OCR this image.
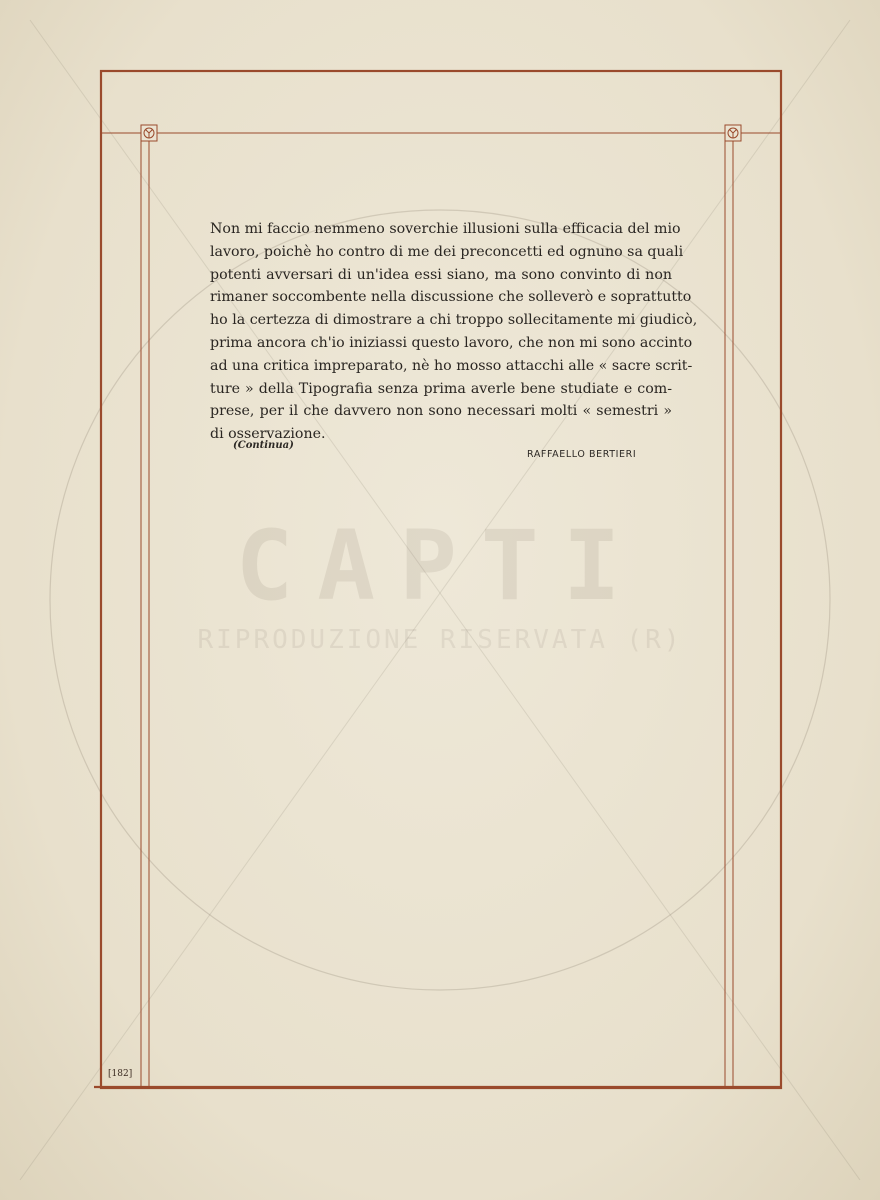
CAPTI
RIPRODUZIONE RISERVATA (R)

Non mi faccio nemmeno soverchie illusioni sulla efficacia del mio
lavoro, poichè ho contro di me dei preconcetti ed ognuno sa quali
potenti avversari di un'idea essi siano, ma sono convinto di non
rimaner soccombente nella discussione che solleverò e soprattutto
ho la certezza di dimostrare a chi troppo sollecitamente mi giudicò,
prima ancora ch'io iniziassi questo lavoro, che non mi sono accinto
ad una critica impreparato, nè ho mosso attacchi alle « sacre scrit-
ture » della Tipografia senza prima averle bene studiate e com-
prese, per il che davvero non sono necessari molti « semestri »
di osservazione.

(Continua)
RAFFAELLO BERTIERI
[182]
